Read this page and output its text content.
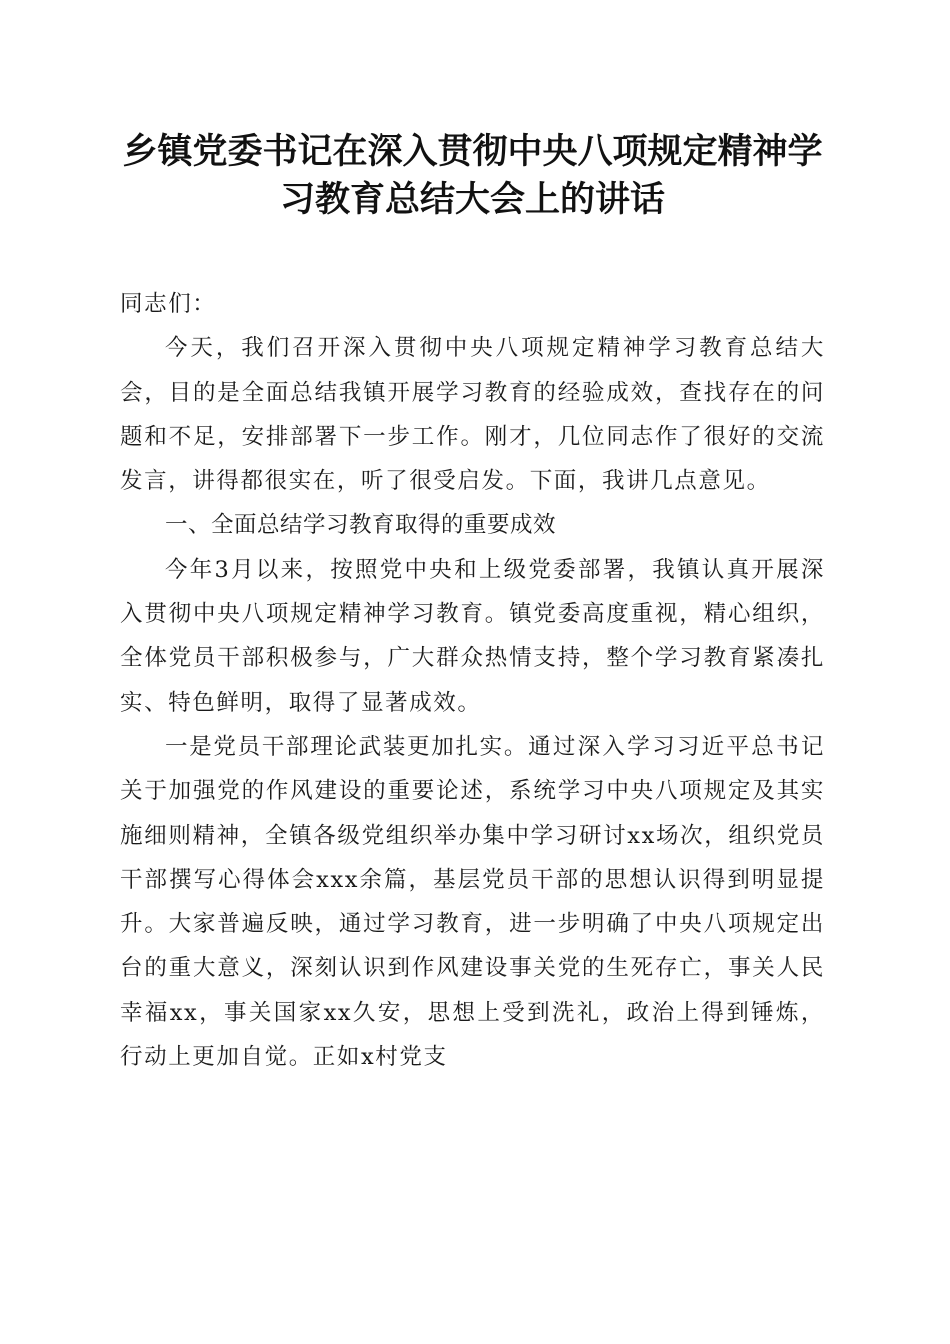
乡镇党委书记在深入贯彻中央八项规定精神学习教育总结大会上的讲话

同志们：

今天，我们召开深入贯彻中央八项规定精神学习教育总结大会，目的是全面总结我镇开展学习教育的经验成效，查找存在的问题和不足，安排部署下一步工作。刚才，几位同志作了很好的交流发言，讲得都很实在，听了很受启发。下面，我讲几点意见。

一、全面总结学习教育取得的重要成效

今年3月以来，按照党中央和上级党委部署，我镇认真开展深入贯彻中央八项规定精神学习教育。镇党委高度重视，精心组织，全体党员干部积极参与，广大群众热情支持，整个学习教育紧凑扎实、特色鲜明，取得了显著成效。

一是党员干部理论武装更加扎实。通过深入学习习近平总书记关于加强党的作风建设的重要论述，系统学习中央八项规定及其实施细则精神，全镇各级党组织举办集中学习研讨xx场次，组织党员干部撰写心得体会xxx余篇，基层党员干部的思想认识得到明显提升。大家普遍反映，通过学习教育，进一步明确了中央八项规定出台的重大意义，深刻认识到作风建设事关党的生死存亡，事关人民幸福xx，事关国家xx久安，思想上受到洗礼，政治上得到锤炼，行动上更加自觉。正如x村党支
